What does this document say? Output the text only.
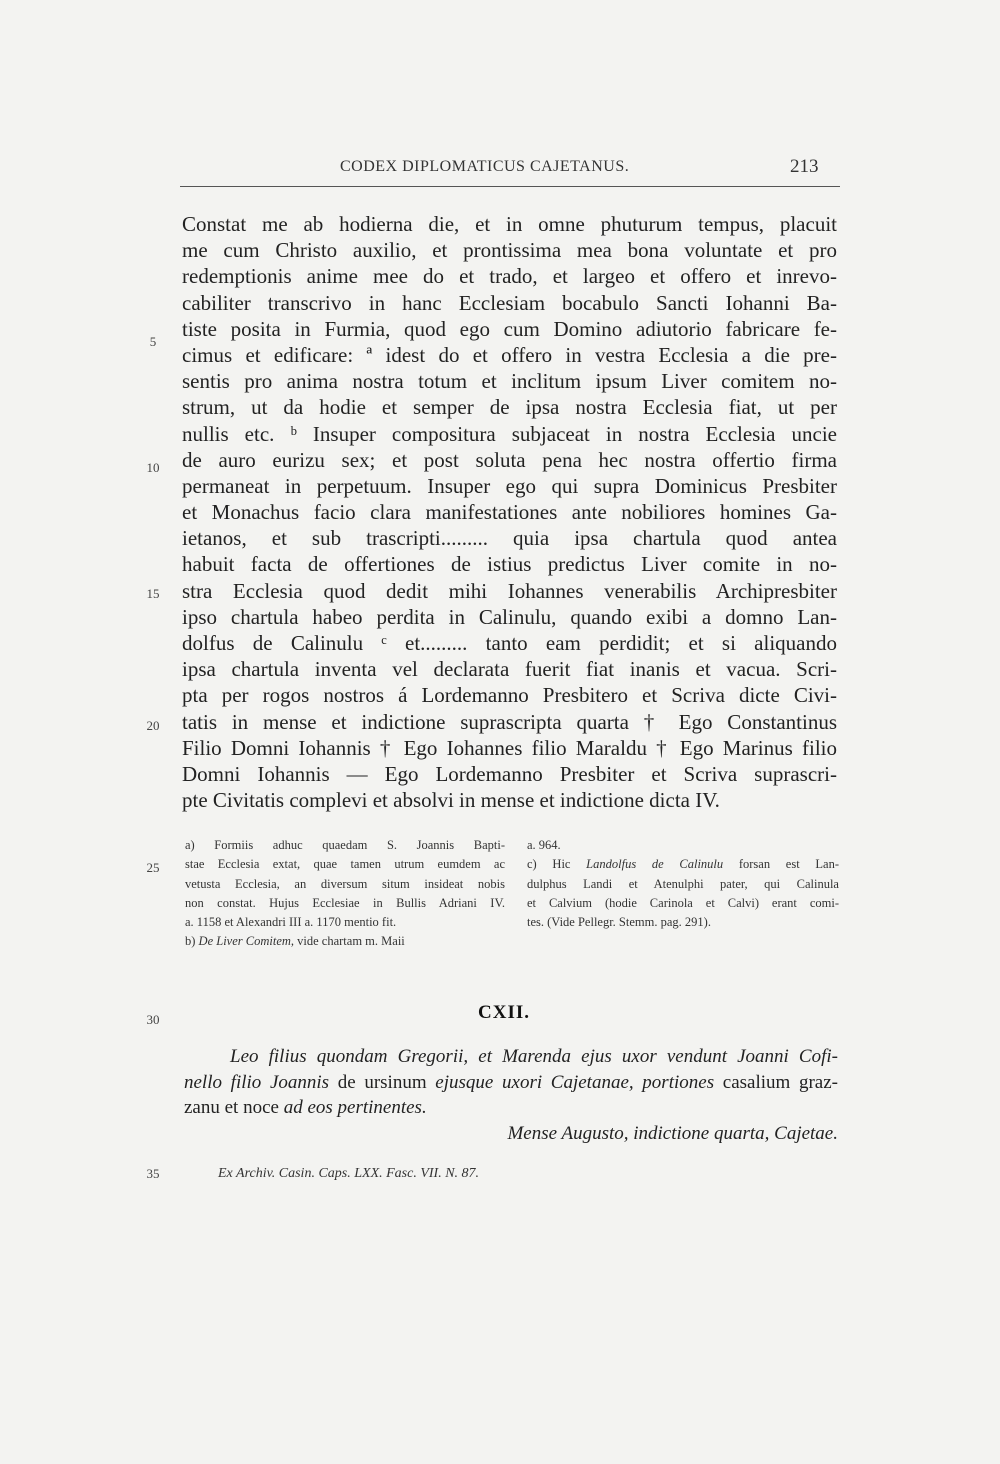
CODEX DIPLOMATICUS CAJETANUS.	213
5
10
15
20
25
30
35
Constat me ab hodierna die, et in omne phuturum tempus, placuit
me cum Christo auxilio, et prontissima mea bona voluntate et pro
redemptionis anime mee do et trado, et largeo et offero et inrevo-
cabiliter transcrivo in hanc Ecclesiam bocabulo Sancti Iohanni Ba-
tiste posita in Furmia, quod ego cum Domino adiutorio fabricare fe-
cimus et edificare: ª idest do et offero in vestra Ecclesia a die pre-
sentis pro anima nostra totum et inclitum ipsum Liver comitem no-
strum, ut da hodie et semper de ipsa nostra Ecclesia fiat, ut per
nullis etc. ᵇ Insuper compositura subjaceat in nostra Ecclesia uncie
de auro eurizu sex; et post soluta pena hec nostra offertio firma
permaneat in perpetuum. Insuper ego qui supra Dominicus Presbiter
et Monachus facio clara manifestationes ante nobiliores homines Ga-
ietanos, et sub trascripti......... quia ipsa chartula quod antea
habuit facta de offertiones de istius predictus Liver comite in no-
stra Ecclesia quod dedit mihi Iohannes venerabilis Archipresbiter
ipso chartula habeo perdita in Calinulu, quando exibi a domno Lan-
dolfus de Calinulu ᶜ et......... tanto eam perdidit; et si aliquando
ipsa chartula inventa vel declarata fuerit fiat inanis et vacua. Scri-
pta per rogos nostros á Lordemanno Presbitero et Scriva dicte Civi-
tatis in mense et indictione suprascripta quarta † Ego Constantinus
Filio Domni Iohannis † Ego Iohannes filio Maraldu † Ego Marinus filio
Domni Iohannis — Ego Lordemanno Presbiter et Scriva suprascri-
pte Civitatis complevi et absolvi in mense et indictione dicta IV.
a) Formiis adhuc quaedam S. Joannis Bapti-
stae Ecclesia extat, quae tamen utrum eumdem ac
vetusta Ecclesia, an diversum situm insideat nobis
non constat. Hujus Ecclesiae in Bullis Adriani IV.
a. 1158 et Alexandri III a. 1170 mentio fit.
b) De Liver Comitem, vide chartam m. Maii
a. 964.
c) Hic Landolfus de Calinulu forsan est Lan-
dulphus Landi et Atenulphi pater, qui Calinula
et Calvium (hodie Carinola et Calvi) erant comi-
tes. (Vide Pellegr. Stemm. pag. 291).
CXII.
Leo filius quondam Gregorii, et Marenda ejus uxor vendunt Joanni Cofi-
nello filio Joannis de ursinum ejusque uxori Cajetanae, portiones casalium graz-
zanu et noce ad eos pertinentes.
Mense Augusto, indictione quarta, Cajetae.
Ex Archiv. Casin. Caps. LXX. Fasc. VII. N. 87.
